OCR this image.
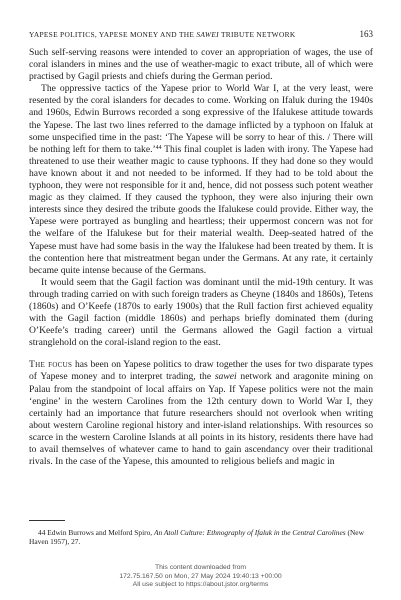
YAPESE POLITICS, YAPESE MONEY AND THE SAWEI TRIBUTE NETWORK	163

Such self-serving reasons were intended to cover an appropriation of wages, the use of coral islanders in mines and the use of weather-magic to exact tribute, all of which were practised by Gagil priests and chiefs during the German period.

The oppressive tactics of the Yapese prior to World War I, at the very least, were resented by the coral islanders for decades to come. Working on Ifaluk during the 1940s and 1960s, Edwin Burrows recorded a song expressive of the Ifalukese attitude towards the Yapese. The last two lines referred to the damage inflicted by a typhoon on Ifaluk at some unspecified time in the past: ‘The Yapese will be sorry to hear of this. / There will be nothing left for them to take.’$^{44}$ This final couplet is laden with irony. The Yapese had threatened to use their weather magic to cause typhoons. If they had done so they would have known about it and not needed to be informed. If they had to be told about the typhoon, they were not responsible for it and, hence, did not possess such potent weather magic as they claimed. If they caused the typhoon, they were also injuring their own interests since they desired the tribute goods the Ifalukese could provide. Either way, the Yapese were portrayed as bungling and heartless; their uppermost concern was not for the welfare of the Ifalukese but for their material wealth. Deep-seated hatred of the Yapese must have had some basis in the way the Ifalukese had been treated by them. It is the contention here that mistreatment began under the Germans. At any rate, it certainly became quite intense because of the Germans.

It would seem that the Gagil faction was dominant until the mid-19th century. It was through trading carried on with such foreign traders as Cheyne (1840s and 1860s), Tetens (1860s) and O’Keefe (1870s to early 1900s) that the Rull faction first achieved equality with the Gagil faction (middle 1860s) and perhaps briefly dominated them (during O’Keefe’s trading career) until the Germans allowed the Gagil faction a virtual stranglehold on the coral-island region to the east.

The focus has been on Yapese politics to draw together the uses for two disparate types of Yapese money and to interpret trading, the sawei network and aragonite mining on Palau from the standpoint of local affairs on Yap. If Yapese politics were not the main ‘engine’ in the western Carolines from the 12th century down to World War I, they certainly had an importance that future researchers should not overlook when writing about western Caroline regional history and inter-island relationships. With resources so scarce in the western Caroline Islands at all points in its history, residents there have had to avail themselves of whatever came to hand to gain ascendancy over their traditional rivals. In the case of the Yapese, this amounted to religious beliefs and magic in

44 Edwin Burrows and Melford Spiro, An Atoll Culture: Ethnography of Ifaluk in the Central Carolines (New Haven 1957), 27.
This content downloaded from
172.75.167.50 on Mon, 27 May 2024 19:40:13 +00:00
All use subject to https://about.jstor.org/terms
